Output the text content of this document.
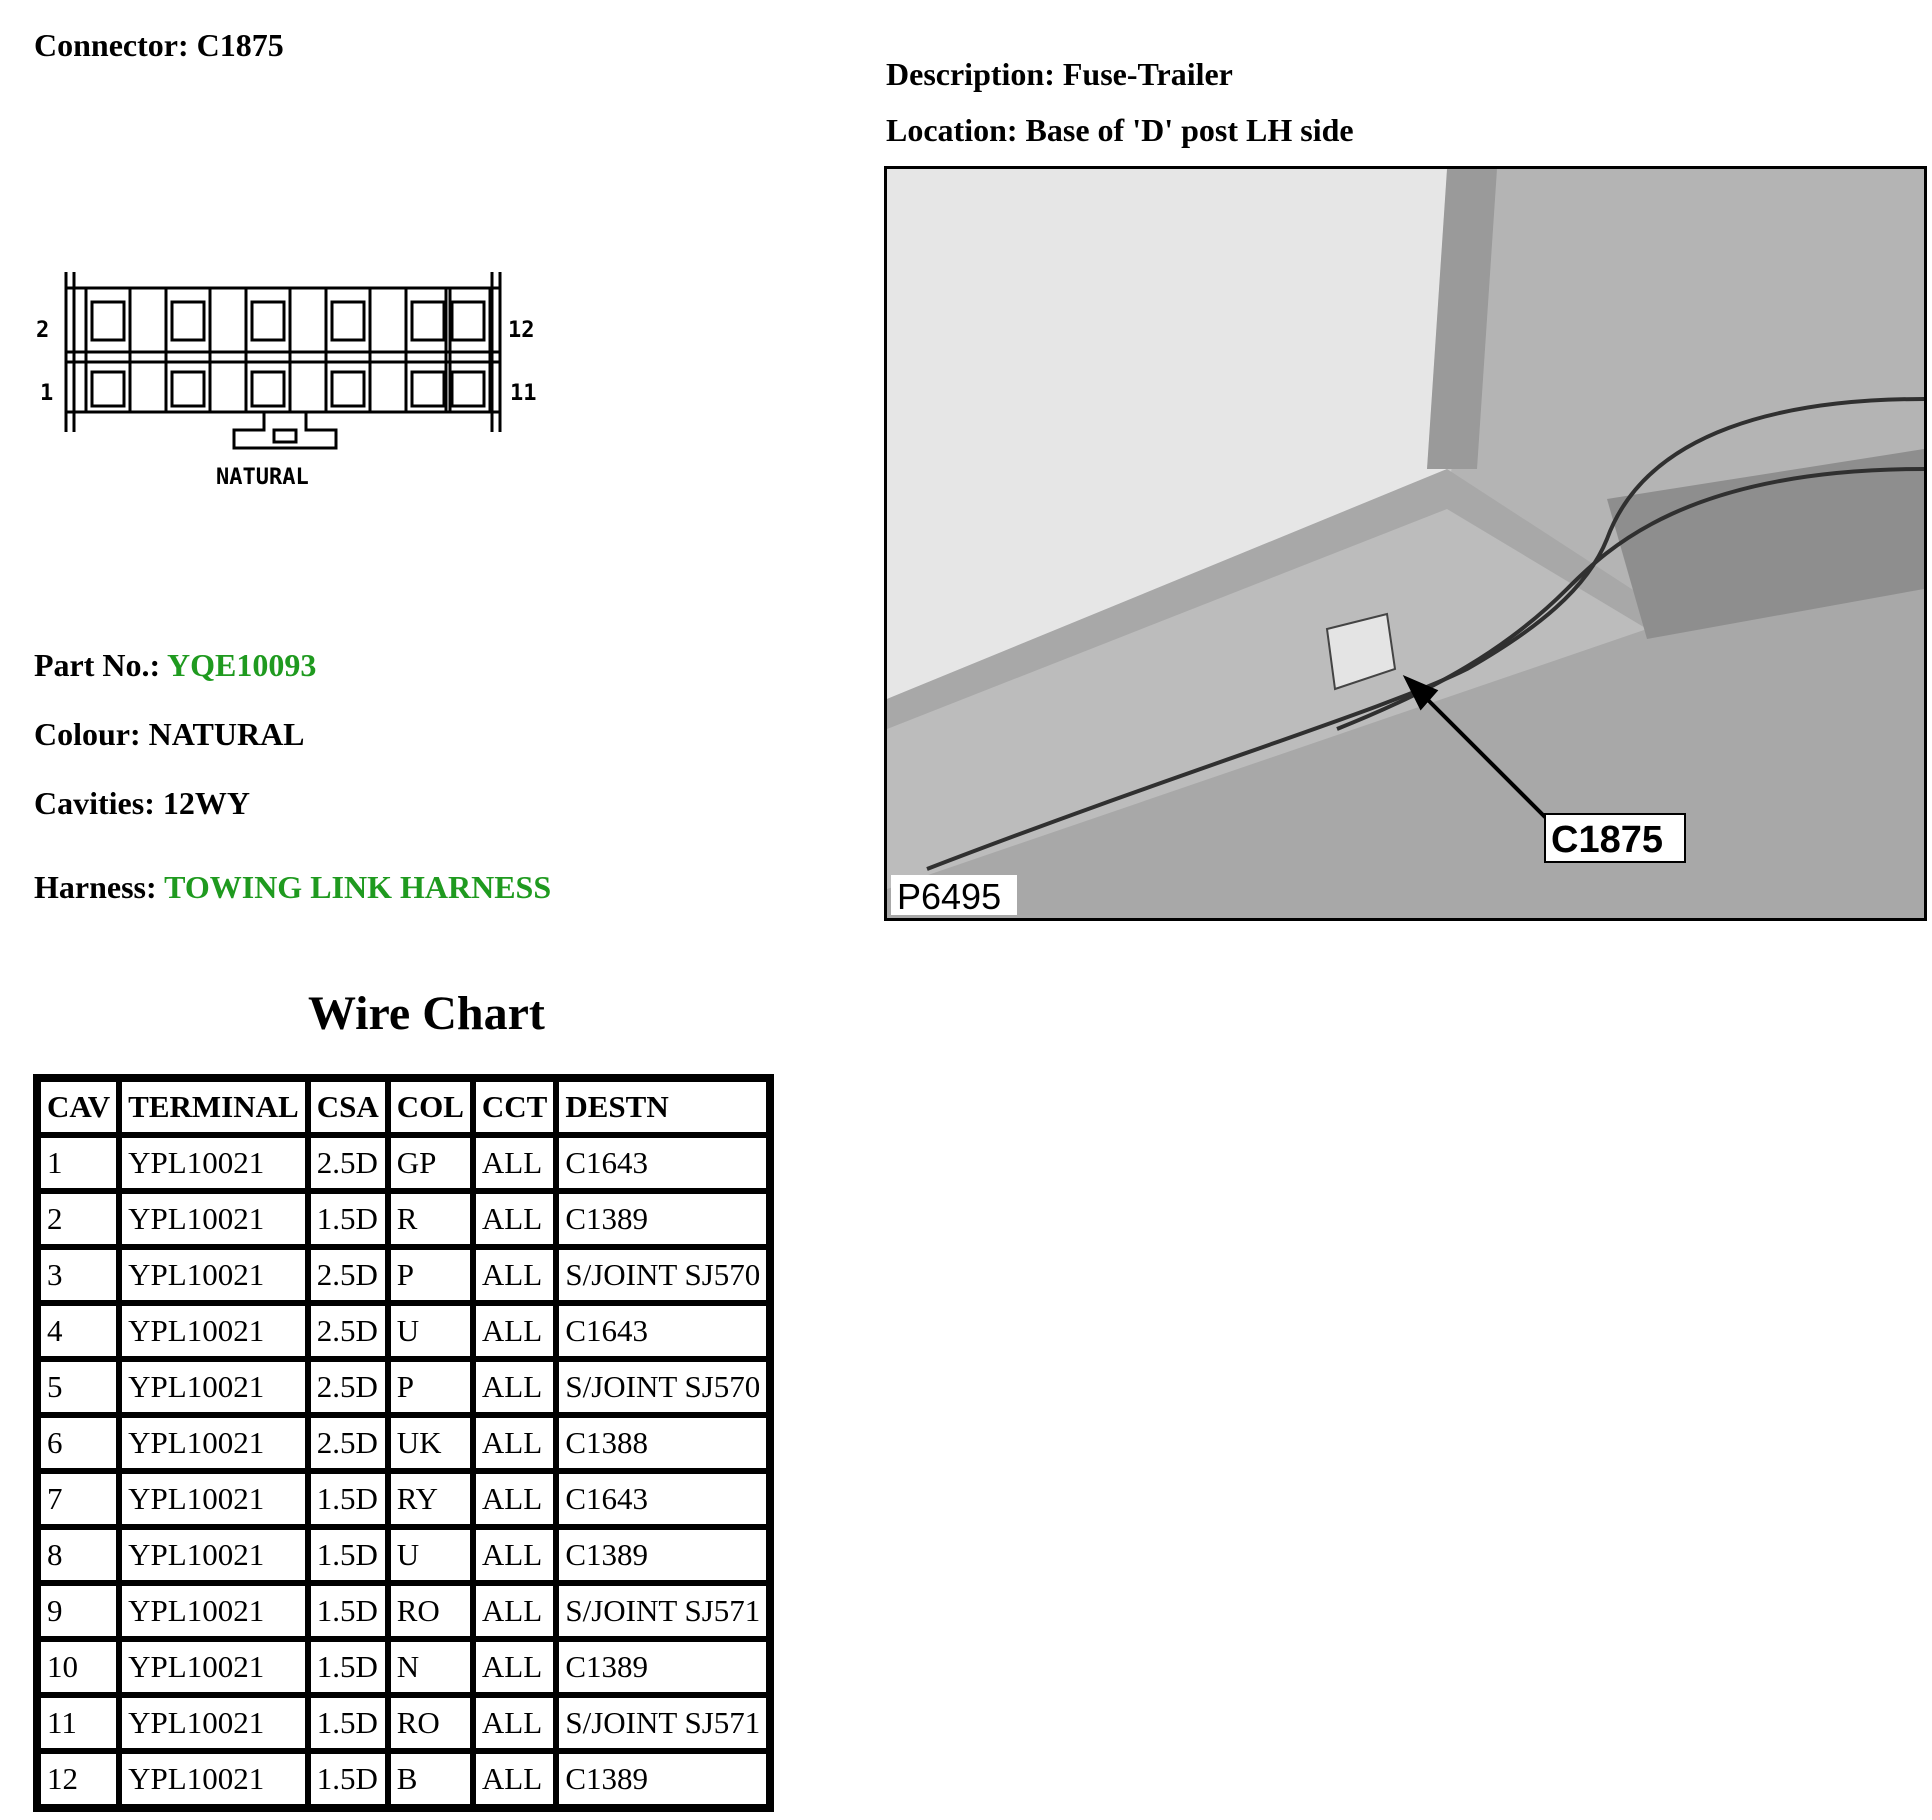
Connector: C1875
Description: Fuse-Trailer
Location: Base of 'D' post LH side
2
1
12
11
NATURAL
C1875
P6495
Part No.: YQE10093
Colour: NATURAL
Cavities: 12WY
Harness: TOWING LINK HARNESS
Wire Chart
CAV	TERMINAL	CSA	COL	CCT	DESTN
1	YPL10021	2.5D	GP	ALL	C1643
2	YPL10021	1.5D	R	ALL	C1389
3	YPL10021	2.5D	P	ALL	S/JOINT SJ570
4	YPL10021	2.5D	U	ALL	C1643
5	YPL10021	2.5D	P	ALL	S/JOINT SJ570
6	YPL10021	2.5D	UK	ALL	C1388
7	YPL10021	1.5D	RY	ALL	C1643
8	YPL10021	1.5D	U	ALL	C1389
9	YPL10021	1.5D	RO	ALL	S/JOINT SJ571
10	YPL10021	1.5D	N	ALL	C1389
11	YPL10021	1.5D	RO	ALL	S/JOINT SJ571
12	YPL10021	1.5D	B	ALL	C1389
